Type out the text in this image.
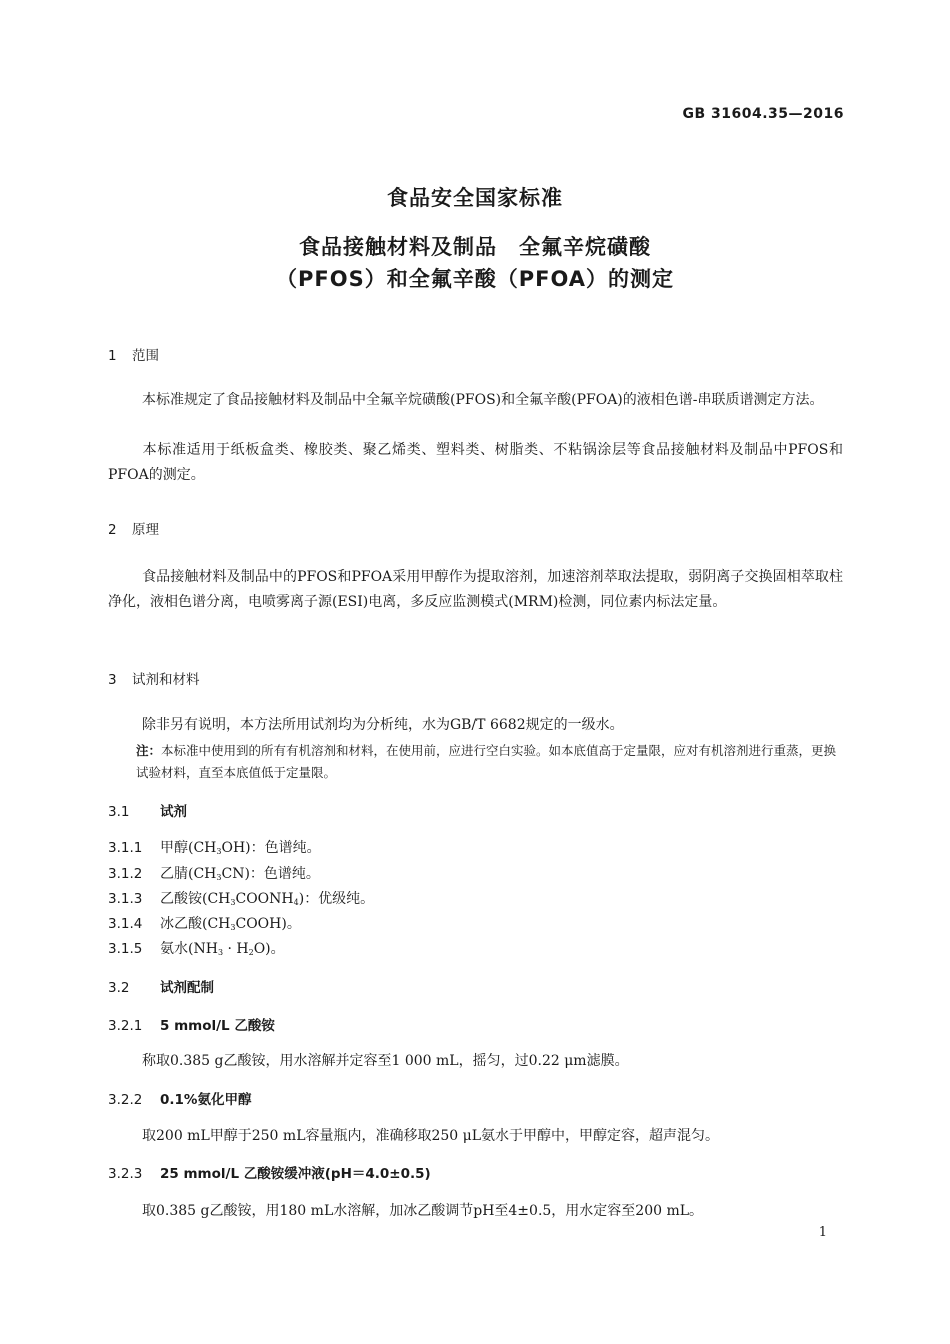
GB 31604.35—2016
食品安全国家标准
食品接触材料及制品　全氟辛烷磺酸
（PFOS）和全氟辛酸（PFOA）的测定
1 范围
本标准规定了食品接触材料及制品中全氟辛烷磺酸(PFOS)和全氟辛酸(PFOA)的液相色谱-串联质谱测定方法。
本标准适用于纸板盒类、橡胶类、聚乙烯类、塑料类、树脂类、不粘锅涂层等食品接触材料及制品中PFOS和PFOA的测定。
2 原理
食品接触材料及制品中的PFOS和PFOA采用甲醇作为提取溶剂，加速溶剂萃取法提取，弱阴离子交换固相萃取柱净化，液相色谱分离，电喷雾离子源(ESI)电离，多反应监测模式(MRM)检测，同位素内标法定量。
3 试剂和材料
除非另有说明，本方法所用试剂均为分析纯，水为GB/T 6682规定的一级水。
注：本标准中使用到的所有有机溶剂和材料，在使用前，应进行空白实验。如本底值高于定量限，应对有机溶剂进行重蒸，更换试验材料，直至本底值低于定量限。
3.1 试剂
3.1.1 甲醇$(CH_3OH)$：色谱纯。
3.1.2 乙腈$(CH_3CN)$：色谱纯。
3.1.3 乙酸铵$(CH_3COONH_4)$：优级纯。
3.1.4 冰乙酸$(CH_3COOH)$。
3.1.5 氨水$(NH_3 \cdot H_2O)$。
3.2 试剂配制
3.2.1 5 mmol/L 乙酸铵
称取0.385 g乙酸铵，用水溶解并定容至1 000 mL，摇匀，过0.22 μm滤膜。
3.2.2 0.1%氨化甲醇
取200 mL甲醇于250 mL容量瓶内，准确移取250 μL氨水于甲醇中，甲醇定容，超声混匀。
3.2.3 25 mmol/L 乙酸铵缓冲液(pH＝4.0±0.5)
取0.385 g乙酸铵，用180 mL水溶解，加冰乙酸调节pH至4±0.5，用水定容至200 mL。
1
